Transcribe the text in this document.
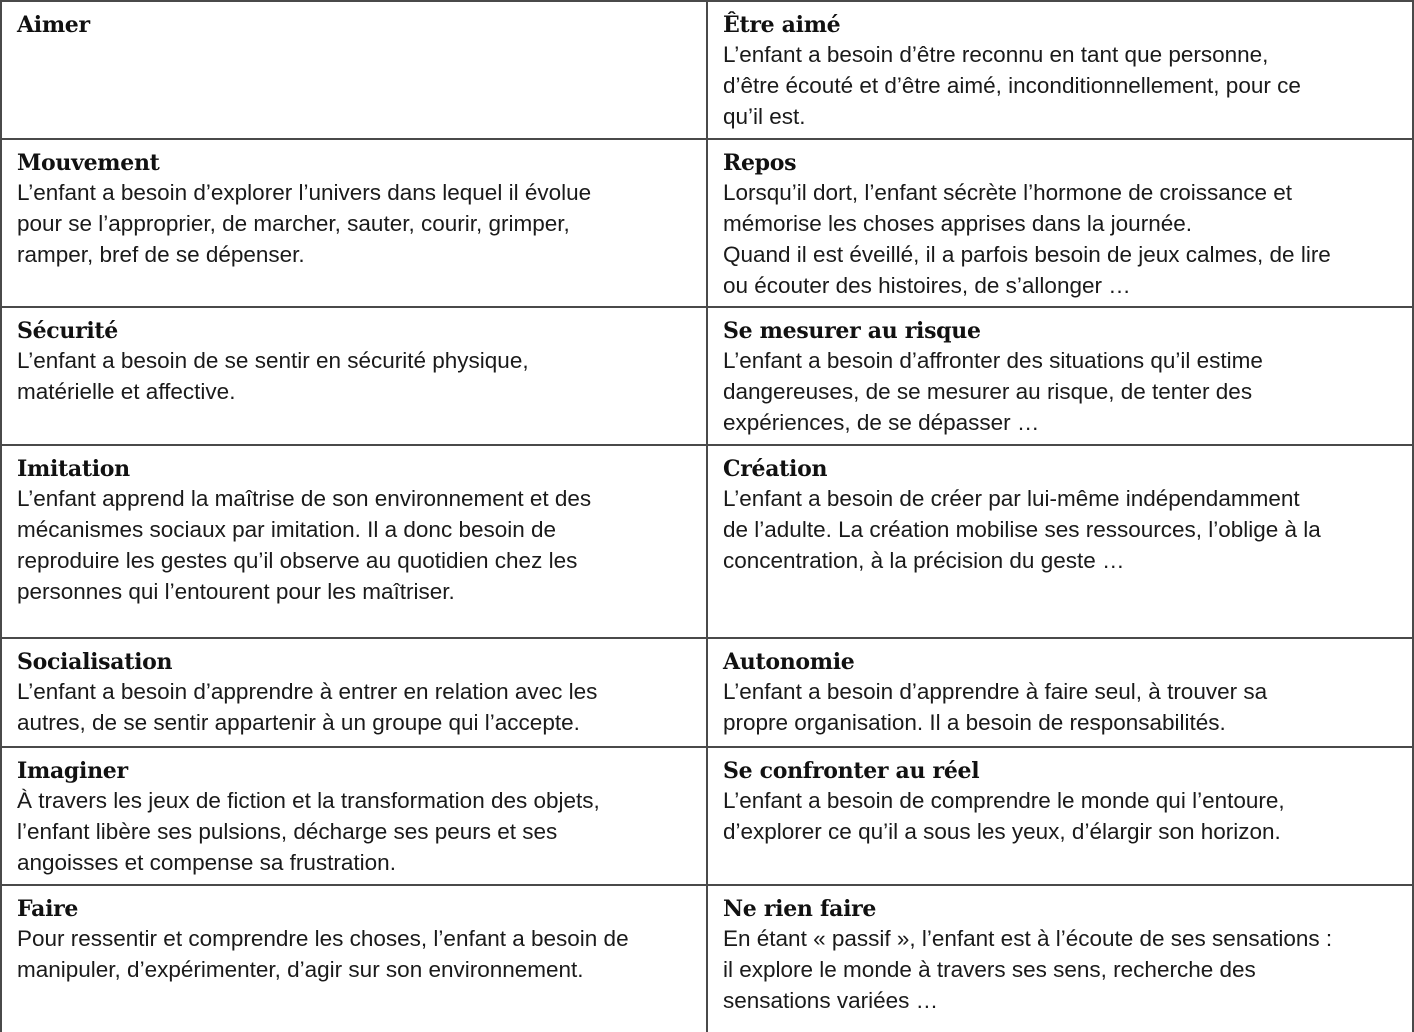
Aimer	Être aimé
L’enfant a besoin d’être reconnu en tant que personne,
d’être écouté et d’être aimé, inconditionnellement, pour ce
qu’il est.
Mouvement
L’enfant a besoin d’explorer l’univers dans lequel il évolue
pour se l’approprier, de marcher, sauter, courir, grimper,
ramper, bref de se dépenser.
Repos
Lorsqu’il dort, l’enfant sécrète l’hormone de croissance et
mémorise les choses apprises dans la journée.
Quand il est éveillé, il a parfois besoin de jeux calmes, de lire
ou écouter des histoires, de s’allonger …
Sécurité
L’enfant a besoin de se sentir en sécurité physique,
matérielle et affective.
Se mesurer au risque
L’enfant a besoin d’affronter des situations qu’il estime
dangereuses, de se mesurer au risque, de tenter des
expériences, de se dépasser …
Imitation
L’enfant apprend la maîtrise de son environnement et des
mécanismes sociaux par imitation. Il a donc besoin de
reproduire les gestes qu’il observe au quotidien chez les
personnes qui l’entourent pour les maîtriser.
Création
L’enfant a besoin de créer par lui-même indépendamment
de l’adulte. La création mobilise ses ressources, l’oblige à la
concentration, à la précision du geste …
Socialisation
L’enfant a besoin d’apprendre à entrer en relation avec les
autres, de se sentir appartenir à un groupe qui l’accepte.
Autonomie
L’enfant a besoin d’apprendre à faire seul, à trouver sa
propre organisation. Il a besoin de responsabilités.
Imaginer
À travers les jeux de fiction et la transformation des objets,
l’enfant libère ses pulsions, décharge ses peurs et ses
angoisses et compense sa frustration.
Se confronter au réel
L’enfant a besoin de comprendre le monde qui l’entoure,
d’explorer ce qu’il a sous les yeux, d’élargir son horizon.
Faire
Pour ressentir et comprendre les choses, l’enfant a besoin de
manipuler, d’expérimenter, d’agir sur son environnement.
Ne rien faire
En étant « passif », l’enfant est à l’écoute de ses sensations :
il explore le monde à travers ses sens, recherche des
sensations variées …
